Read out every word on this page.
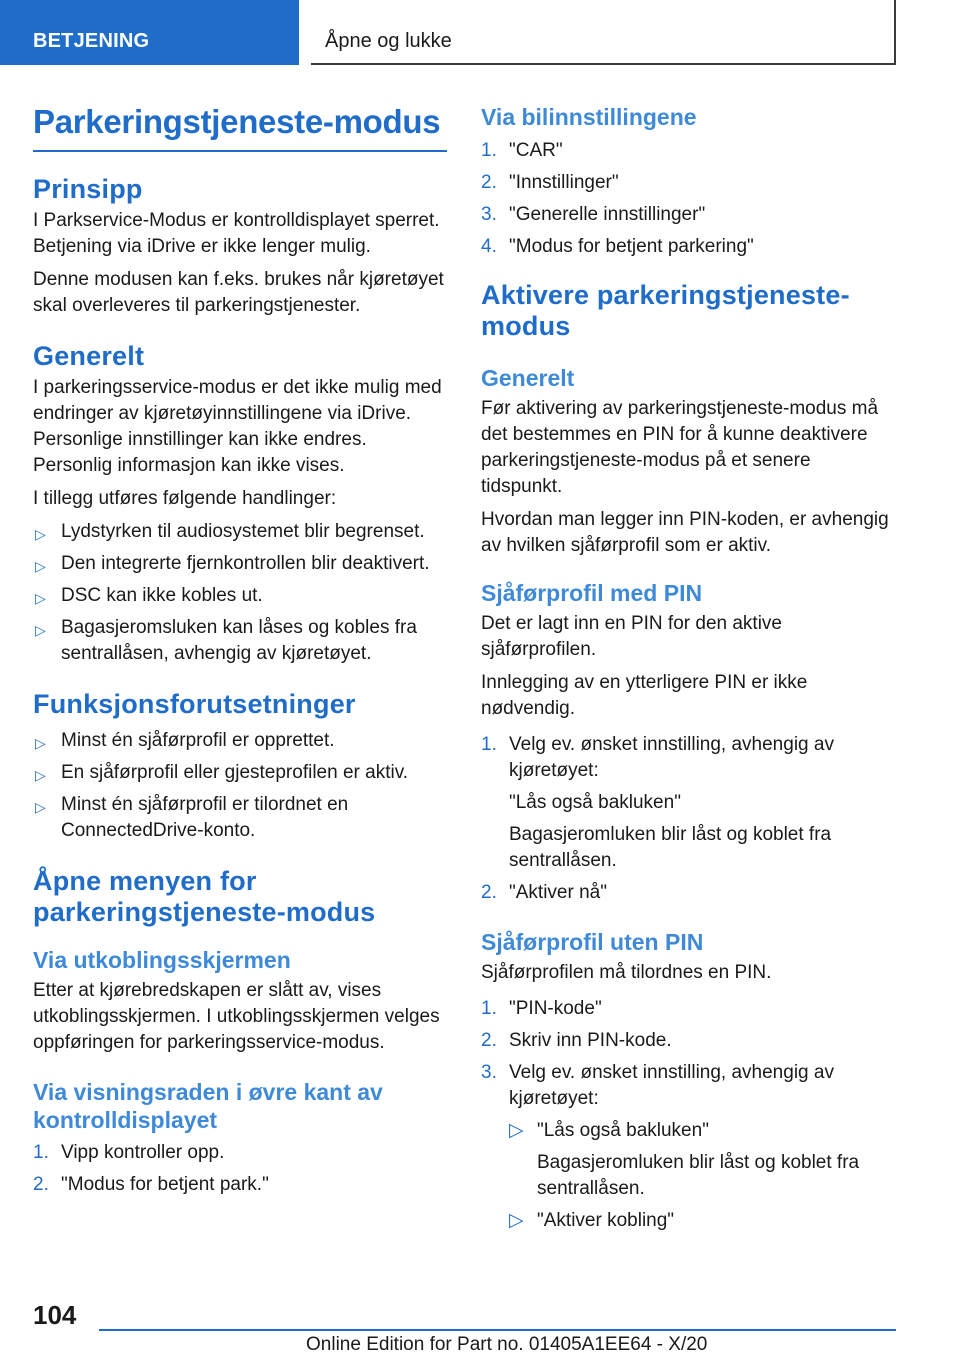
BETJENING	Åpne og lukke
Parkeringstjeneste-modus
Prinsipp

I Parkservice-Modus er kontrolldisplayet sperret. Betjening via iDrive er ikke lenger mulig.

Denne modusen kan f.eks. brukes når kjøretøyet skal overleveres til parkeringstjenester.

Generelt

I parkeringsservice-modus er det ikke mulig med endringer av kjøretøyinnstillingene via iDrive. Personlige innstillinger kan ikke endres. Personlig informasjon kan ikke vises.

I tillegg utføres følgende handlinger:

▷ Lydstyrken til audiosystemet blir begrenset.
▷ Den integrerte fjernkontrollen blir deaktivert.
▷ DSC kan ikke kobles ut.
▷ Bagasjeromsluken kan låses og kobles fra sentrallåsen, avhengig av kjøretøyet.
Funksjonsforutsetninger
▷ Minst én sjåførprofil er opprettet.
▷ En sjåførprofil eller gjesteprofilen er aktiv.
▷ Minst én sjåførprofil er tilordnet en ConnectedDrive-konto.
Åpne menyen for parkeringstjeneste-modus
Via utkoblingsskjermen

Etter at kjørebredskapen er slått av, vises utkoblingsskjermen. I utkoblingsskjermen velges oppføringen for parkeringsservice-modus.

Via visningsraden i øvre kant av kontrolldisplayet
1. Vipp kontroller opp.
2. "Modus for betjent park."
Via bilinnstillingene
1. "CAR"
2. "Innstillinger"
3. "Generelle innstillinger"
4. "Modus for betjent parkering"
Aktivere parkeringstjeneste-modus
Generelt

Før aktivering av parkeringstjeneste-modus må det bestemmes en PIN for å kunne deaktivere parkeringstjeneste-modus på et senere tidspunkt.

Hvordan man legger inn PIN-koden, er avhengig av hvilken sjåførprofil som er aktiv.

Sjåførprofil med PIN

Det er lagt inn en PIN for den aktive sjåførprofilen.

Innlegging av en ytterligere PIN er ikke nødvendig.

1. Velg ev. ønsket innstilling, avhengig av kjøretøyet:
"Lås også bakluken"
Bagasjeromluken blir låst og koblet fra sentrallåsen.
2. "Aktiver nå"
Sjåførprofil uten PIN

Sjåførprofilen må tilordnes en PIN.

1. "PIN-kode"
2. Skriv inn PIN-kode.
3. Velg ev. ønsket innstilling, avhengig av kjøretøyet:
▷ "Lås også bakluken"
Bagasjeromluken blir låst og koblet fra sentrallåsen.
▷ "Aktiver kobling"
104
Online Edition for Part no. 01405A1EE64 - X/20
